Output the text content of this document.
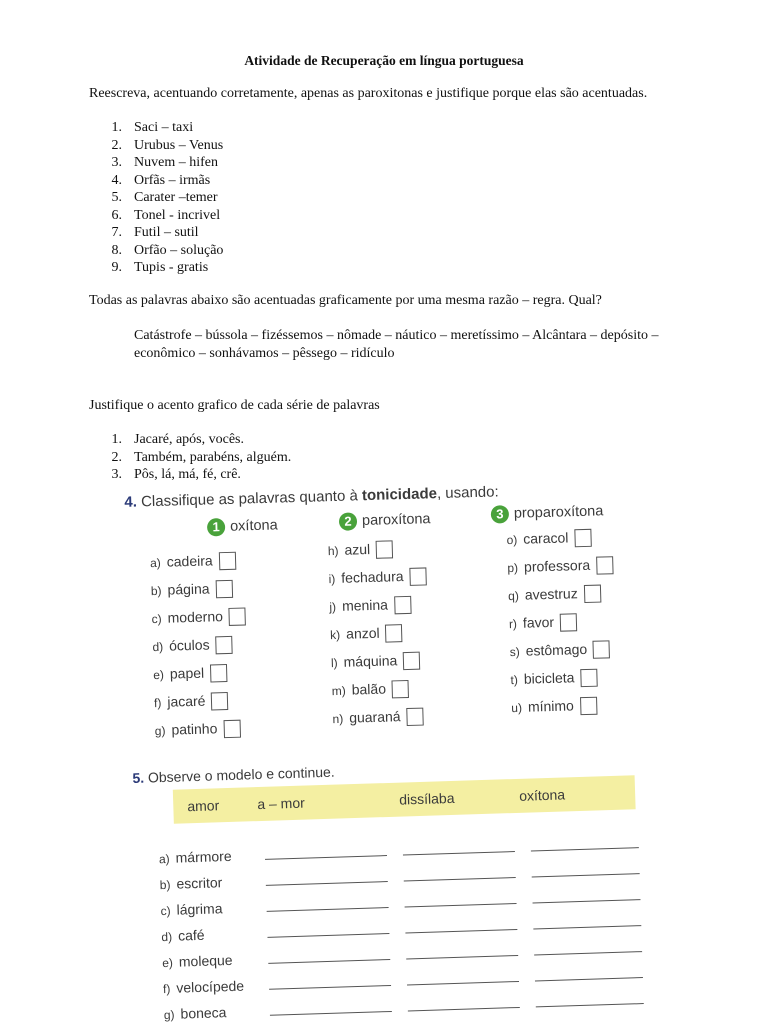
Atividade de Recuperação em língua portuguesa
Reescreva, acentuando corretamente, apenas as paroxitonas e justifique porque elas são acentuadas.
1. Saci – taxi
2. Urubus – Venus
3. Nuvem – hifen
4. Orfãs – irmãs
5. Carater –temer
6. Tonel - incrivel
7. Futil – sutil
8. Orfão – solução
9. Tupis - gratis
Todas as palavras abaixo são acentuadas graficamente por uma mesma razão – regra. Qual?
Catástrofe – bússola – fizéssemos – nômade – náutico – meretíssimo – Alcântara – depósito –
econômico – sonhávamos – pêssego – ridículo
Justifique o acento grafico de cada série de palavras
1. Jacaré, após, vocês.
2. Também, parabéns, alguém.
3. Pôs, lá, má, fé, crê.
4. Classifique as palavras quanto à tonicidade, usando:
1 oxítona	2 paroxítona	3 proparoxítona
a) cadeira
b) página
c) moderno
d) óculos
e) papel
f) jacaré
g) patinho
h) azul
i) fechadura
j) menina
k) anzol
l) máquina
m) balão
n) guaraná
o) caracol
p) professora
q) avestruz
r) favor
s) estômago
t) bicicleta
u) mínimo
5. Observe o modelo e continue.
amor	a – mor	dissílaba	oxítona
a) mármore
b) escritor
c) lágrima
d) café
e) moleque
f) velocípede
g) boneca
